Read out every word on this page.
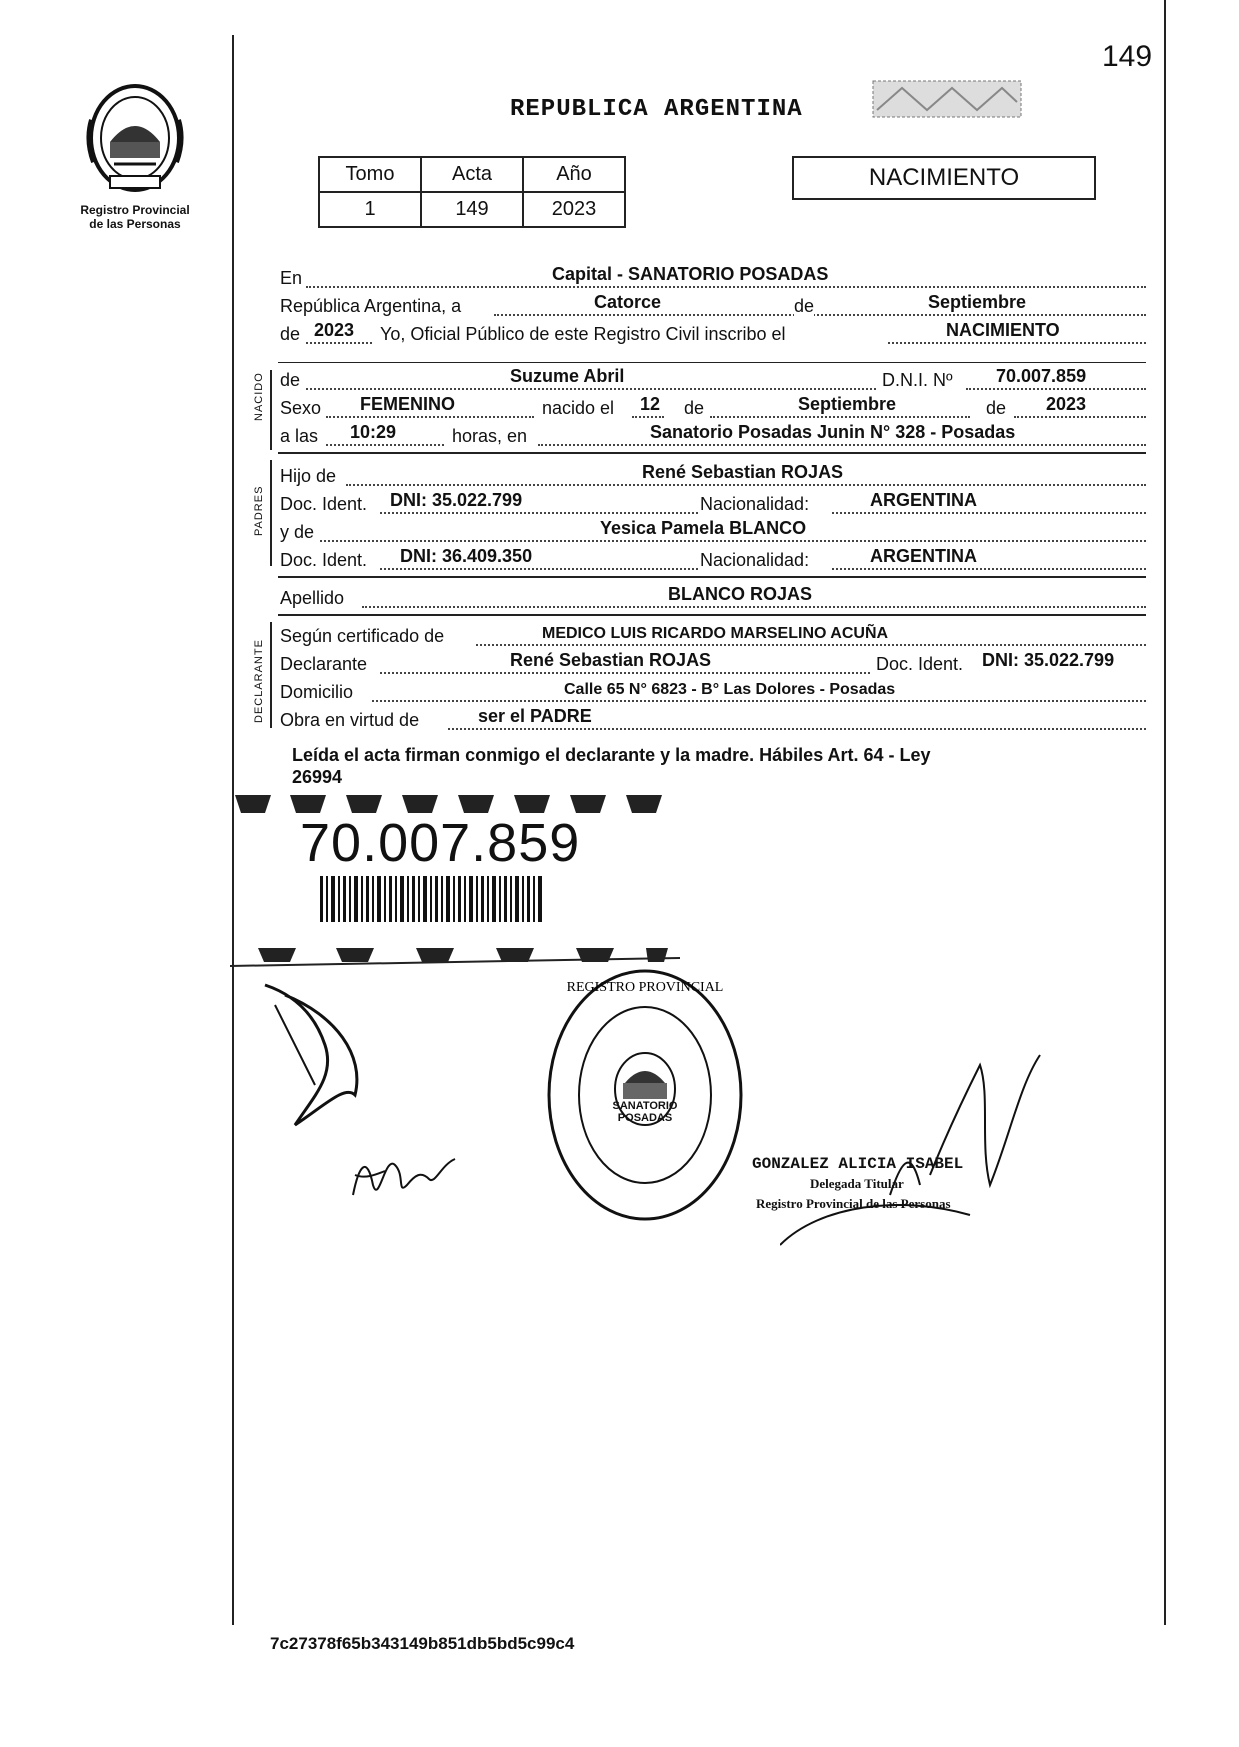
149
Registro Provincial
de las Personas
REPUBLICA ARGENTINA
Tomo	Acta	Año
1	149	2023
NACIMIENTO
En	Capital - SANATORIO POSADAS
República Argentina, a	Catorce	de	Septiembre
de 2023 Yo, Oficial Público de este Registro Civil inscribo el	NACIMIENTO
NACIDO de	Suzume Abril	D.N.I. Nº 70.007.859
Sexo FEMENINO	nacido el 12 de	Septiembre	de 2023
a las 10:29	horas, en	Sanatorio Posadas Junin N° 328 - Posadas
PADRES
Hijo de	René Sebastian ROJAS
Doc. Ident. DNI: 35.022.799	Nacionalidad:	ARGENTINA
y de	Yesica Pamela BLANCO
Doc. Ident. DNI: 36.409.350	Nacionalidad:	ARGENTINA
Apellido	BLANCO ROJAS
DECLARANTE
Según certificado de	MEDICO LUIS RICARDO MARSELINO ACUÑA
Declarante	René Sebastian ROJAS	Doc. Ident. DNI: 35.022.799
Domicilio	Calle 65 N° 6823 - B° Las Dolores - Posadas
Obra en virtud de	ser el PADRE
Leída el acta firman conmigo el declarante y la madre. Hábiles Art. 64 - Ley
26994
70.007.859
REGISTRO PROVINCIAL
SANATORIO POSADAS
GONZALEZ ALICIA ISABEL
Delegada Titular
Registro Provincial de las Personas
7c27378f65b343149b851db5bd5c99c4
